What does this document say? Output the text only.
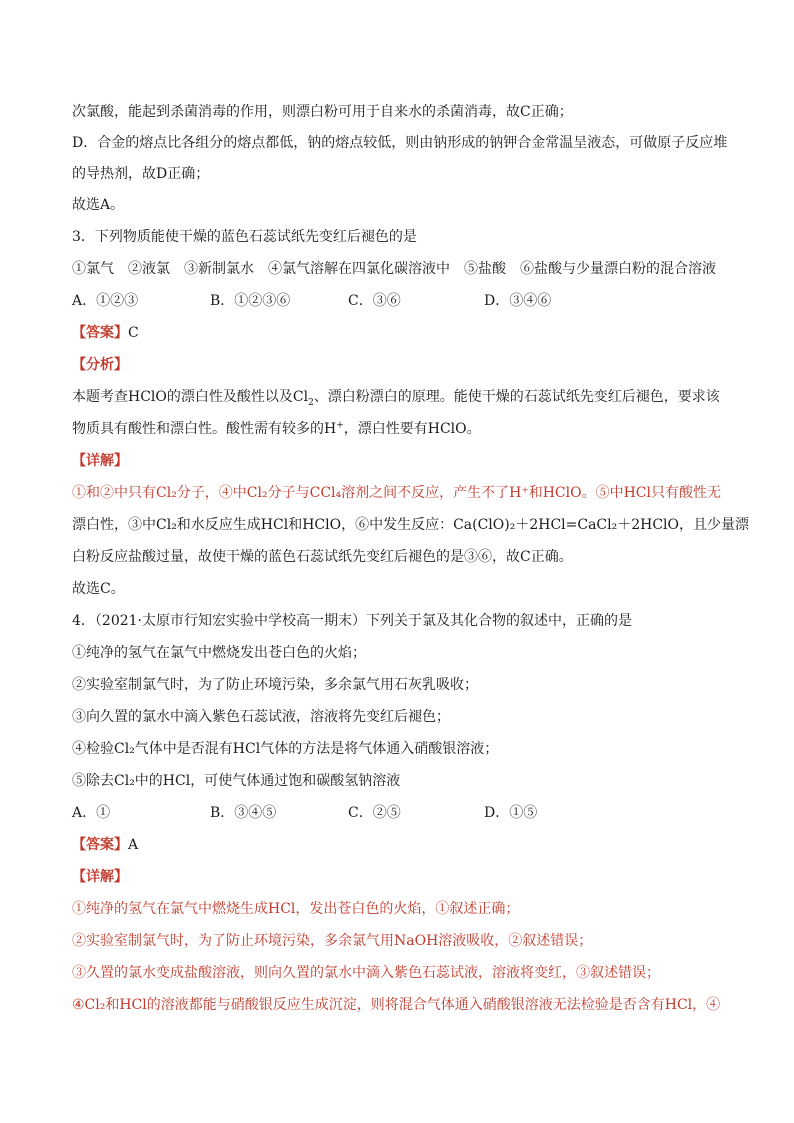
次氯酸，能起到杀菌消毒的作用，则漂白粉可用于自来水的杀菌消毒，故C正确；
D．合金的熔点比各组分的熔点都低，钠的熔点较低，则由钠形成的钠钾合金常温呈液态，可做原子反应堆
的导热剂，故D正确；
故选A。
3．下列物质能使干燥的蓝色石蕊试纸先变红后褪色的是
①氯气　②液氯　③新制氯水　④氯气溶解在四氯化碳溶液中　⑤盐酸　⑥盐酸与少量漂白粉的混合溶液
A．①②③	B．①②③⑥	C．③⑥	D．③④⑥
【答案】C
【分析】
本题考查HClO的漂白性及酸性以及$Cl_2$、漂白粉漂白的原理。能使干燥的石蕊试纸先变红后褪色，要求该
物质具有酸性和漂白性。酸性需有较多的H+，漂白性要有HClO。
【详解】
①和②中只有Cl₂分子，④中Cl₂分子与CCl₄溶剂之间不反应，产生不了H⁺和HClO。⑤中HCl只有酸性无
漂白性，③中Cl₂和水反应生成HCl和HClO，⑥中发生反应：Ca(ClO)₂＋2HCl=CaCl₂＋2HClO，且少量漂
白粉反应盐酸过量，故使干燥的蓝色石蕊试纸先变红后褪色的是③⑥，故C正确。
故选C。
4．（2021·太原市行知宏实验中学校高一期末）下列关于氯及其化合物的叙述中，正确的是
①纯净的氢气在氯气中燃烧发出苍白色的火焰；
②实验室制氯气时，为了防止环境污染，多余氯气用石灰乳吸收；
③向久置的氯水中滴入紫色石蕊试液，溶液将先变红后褪色；
④检验Cl₂气体中是否混有HCl气体的方法是将气体通入硝酸银溶液；
⑤除去Cl₂中的HCl，可使气体通过饱和碳酸氢钠溶液
A．①	B．③④⑤	C．②⑤	D．①⑤
【答案】A
【详解】
①纯净的氢气在氯气中燃烧生成HCl，发出苍白色的火焰，①叙述正确；
②实验室制氯气时，为了防止环境污染，多余氯气用NaOH溶液吸收，②叙述错误；
③久置的氯水变成盐酸溶液，则向久置的氯水中滴入紫色石蕊试液，溶液将变红，③叙述错误；
④Cl₂和HCl的溶液都能与硝酸银反应生成沉淀，则将混合气体通入硝酸银溶液无法检验是否含有HCl，④
